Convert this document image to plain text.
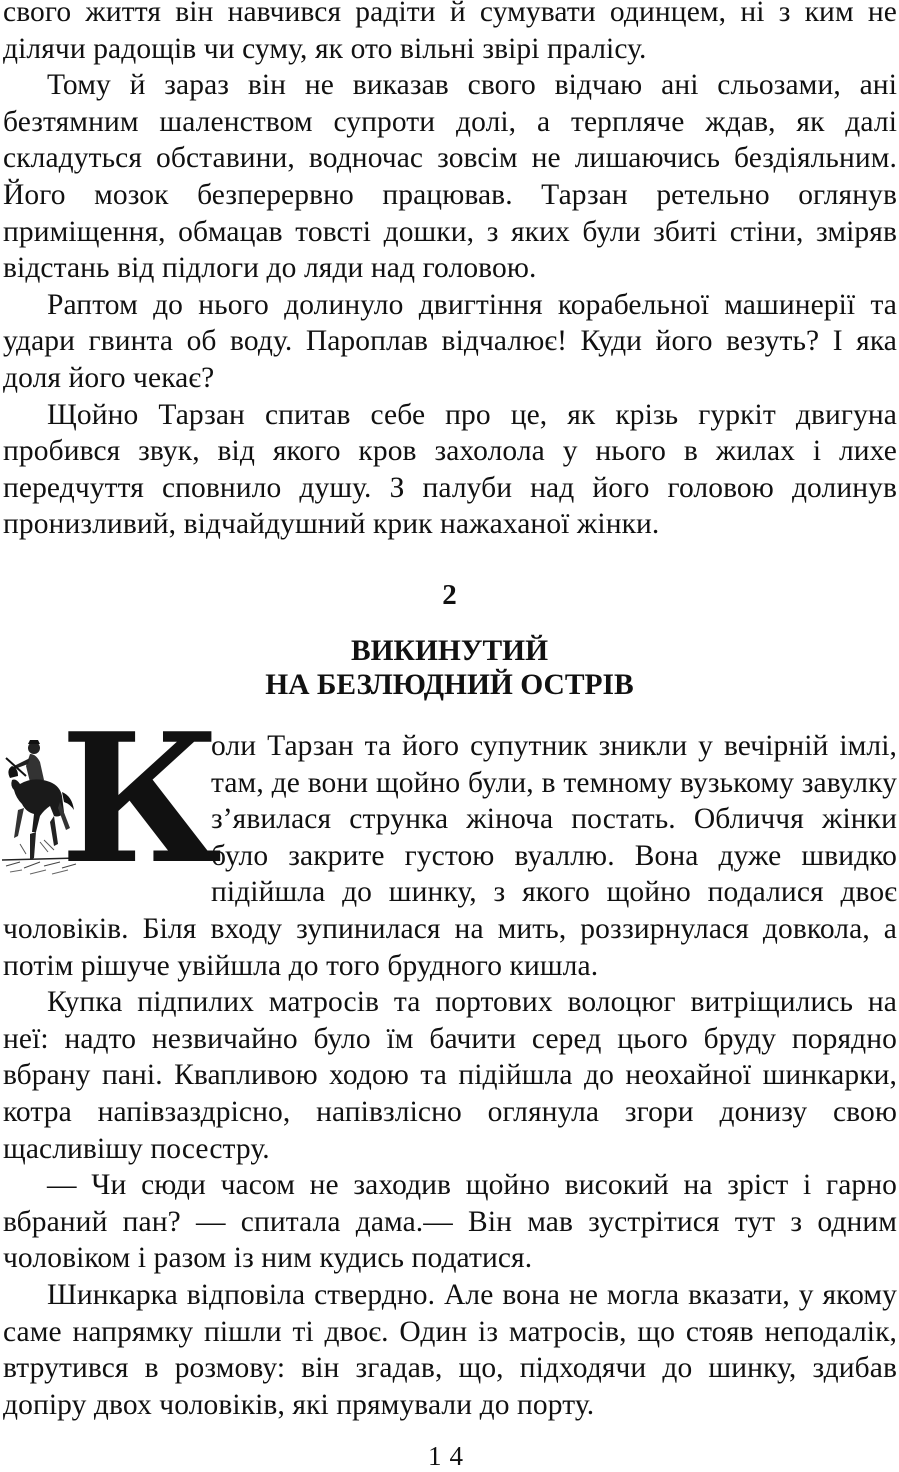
свого життя він навчився радіти й сумувати одинцем, ні з ким не ділячи радощів чи суму, як ото вільні звірі пралісу.

Тому й зараз він не виказав свого відчаю ані сльозами, ані безтямним шаленством супроти долі, а терпляче ждав, як далі складуться обставини, водночас зовсім не лишаючись бездіяльним. Його мозок безперервно працював. Тарзан ретельно оглянув приміщення, обмацав товсті дошки, з яких були збиті стіни, зміряв відстань від підлоги до ляди над головою.

Раптом до нього долинуло двигтіння корабельної машинерії та удари гвинта об воду. Пароплав відчалює! Куди його везуть? І яка доля його чекає?

Щойно Тарзан спитав себе про це, як крізь гуркіт двигуна пробився звук, від якого кров захолола у нього в жилах і лихе передчуття сповнило душу. З палуби над його головою долинув пронизливий, відчайдушний крик нажаханої жінки.

2
ВИКИНУТИЙ
НА БЕЗЛЮДНИЙ ОСТРІВ
К

оли Тарзан та його супутник зникли у вечірній імлі, там, де вони щойно були, в темному вузькому завулку з’явилася струнка жіноча постать. Обличчя жінки було закрите густою вуаллю. Вона дуже швидко підійшла до шинку, з якого щойно подалися двоє чоловіків. Біля входу зупинилася на мить, роззирнулася довкола, а потім рішуче увійшла до того брудного кишла.

Купка підпилих матросів та портових волоцюг витріщились на неї: надто незвичайно було їм бачити серед цього бруду порядно вбрану пані. Квапливою ходою та підійшла до неохайної шинкарки, котра напівзаздрісно, напівзлісно оглянула згори донизу свою щасливішу посестру.

— Чи сюди часом не заходив щойно високий на зріст і гарно вбраний пан? — спитала дама.— Він мав зустрітися тут з одним чоловіком і разом із ним кудись податися.

Шинкарка відповіла ствердно. Але вона не могла вказати, у якому саме напрямку пішли ті двоє. Один із матросів, що стояв неподалік, втрутився в розмову: він згадав, що, підходячи до шинку, здибав допіру двох чоловіків, які прямували до порту.

14
